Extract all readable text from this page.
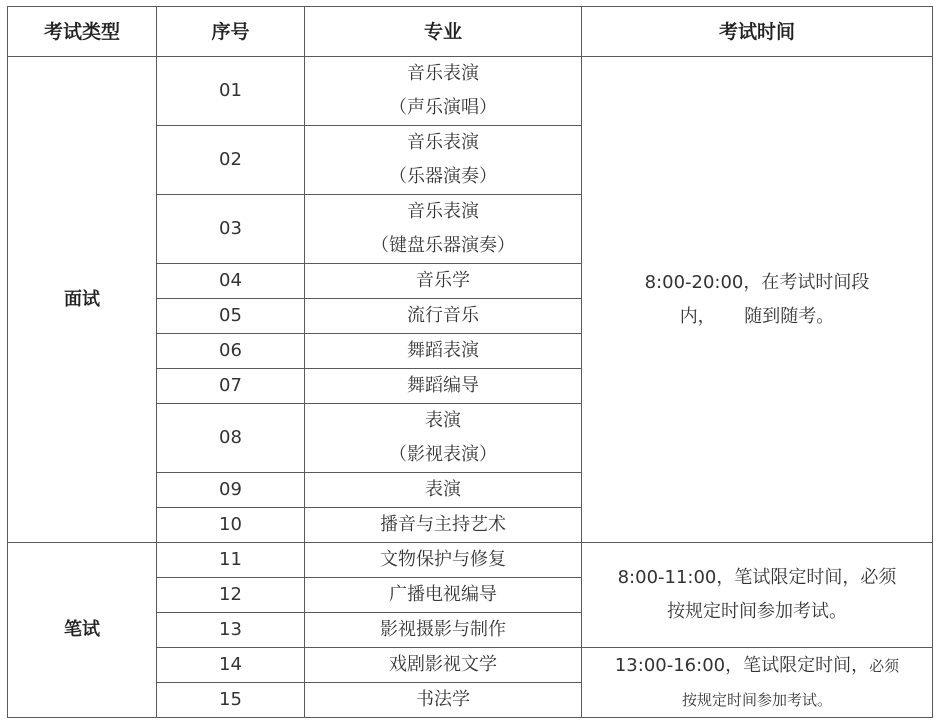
考试类型	序号	专业	考试时间
面试	01	音乐表演
（声乐演唱）	8:00-20:00，在考试时间段
内，     随到随考。

	02	音乐表演
（乐器演奏）	

	03	音乐表演
（键盘乐器演奏）	

	04	音乐学	
	05	流行音乐	
	06	舞蹈表演	
	07	舞蹈编导	
	08	表演
（影视表演）	

	09	表演	
	10	播音与主持艺术	
笔试	11	文物保护与修复	8:00-11:00，笔试限定时间，必须
按规定时间参加考试。

	12	广播电视编导	
	13	影视摄影与制作	
	14	戏剧影视文学	13:00-16:00，笔试限定时间，必须
按规定时间参加考试。

	15	书法学	
